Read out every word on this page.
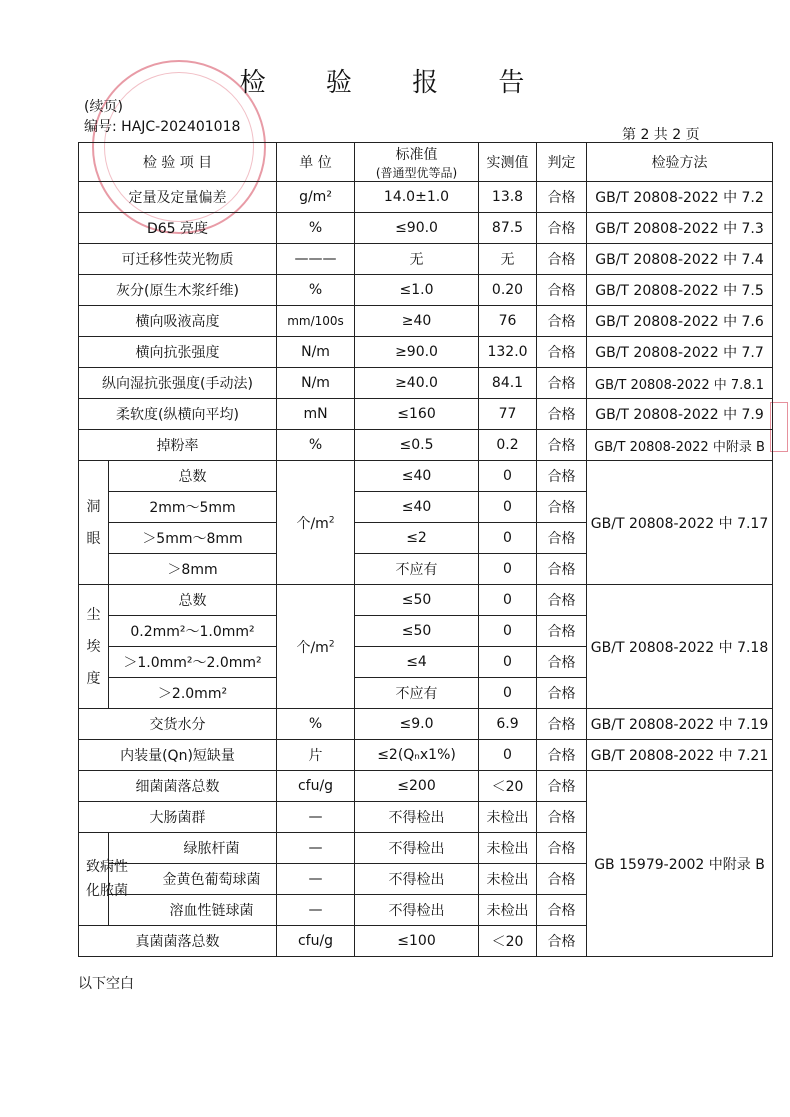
检 验 报 告
(续页)
编号: HAJC-202401018	第 2 共 2 页
检 验 项 目		单 位	标准值
(普通型优等品)	实测值	判定	检验方法
定量及定量偏差		g/m²	14.0±1.0	13.8	合格	GB/T 20808-2022 中 7.2
D65 亮度		%	≤90.0	87.5	合格	GB/T 20808-2022 中 7.3
可迁移性荧光物质		———	无	无	合格	GB/T 20808-2022 中 7.4
灰分(原生木浆纤维)		%	≤1.0	0.20	合格	GB/T 20808-2022 中 7.5
横向吸液高度		mm/100s	≥40	76	合格	GB/T 20808-2022 中 7.6
横向抗张强度		N/m	≥90.0	132.0	合格	GB/T 20808-2022 中 7.7
纵向湿抗张强度(手动法)		N/m	≥40.0	84.1	合格	GB/T 20808-2022 中 7.8.1
柔软度(纵横向平均)		mN	≤160	77	合格	GB/T 20808-2022 中 7.9
掉粉率		%	≤0.5	0.2	合格	GB/T 20808-2022 中附录 B
洞
眼	总数	个$/m^2$	≤40	0	合格	GB/T 20808-2022 中 7.17
	2mm～5mm		≤40	0	合格	
	＞5mm～8mm		≤2	0	合格	
	＞8mm		不应有	0	合格	
尘
埃
度	总数	个$/m^2$	≤50	0	合格	GB/T 20808-2022 中 7.18
	0.2mm²～1.0mm²		≤50	0	合格	
	＞1.0mm²～2.0mm²		≤4	0	合格	
	＞2.0mm²		不应有	0	合格	
交货水分		%	≤9.0	6.9	合格	GB/T 20808-2022 中 7.19
内装量(Qn)短缺量		片	≤2(Qₙx1%)	0	合格	GB/T 20808-2022 中 7.21
细菌菌落总数		cfu/g	≤200	＜20	合格	GB 15979-2002 中附录 B
大肠菌群		—	不得检出	未检出	合格	

致病性
化脓菌	绿脓杆菌	—	不得检出	未检出	合格	
	金黄色葡萄球菌	—	不得检出	未检出	合格	
	溶血性链球菌	—	不得检出	未检出	合格	
真菌菌落总数		cfu/g	≤100	＜20	合格	
以下空白
